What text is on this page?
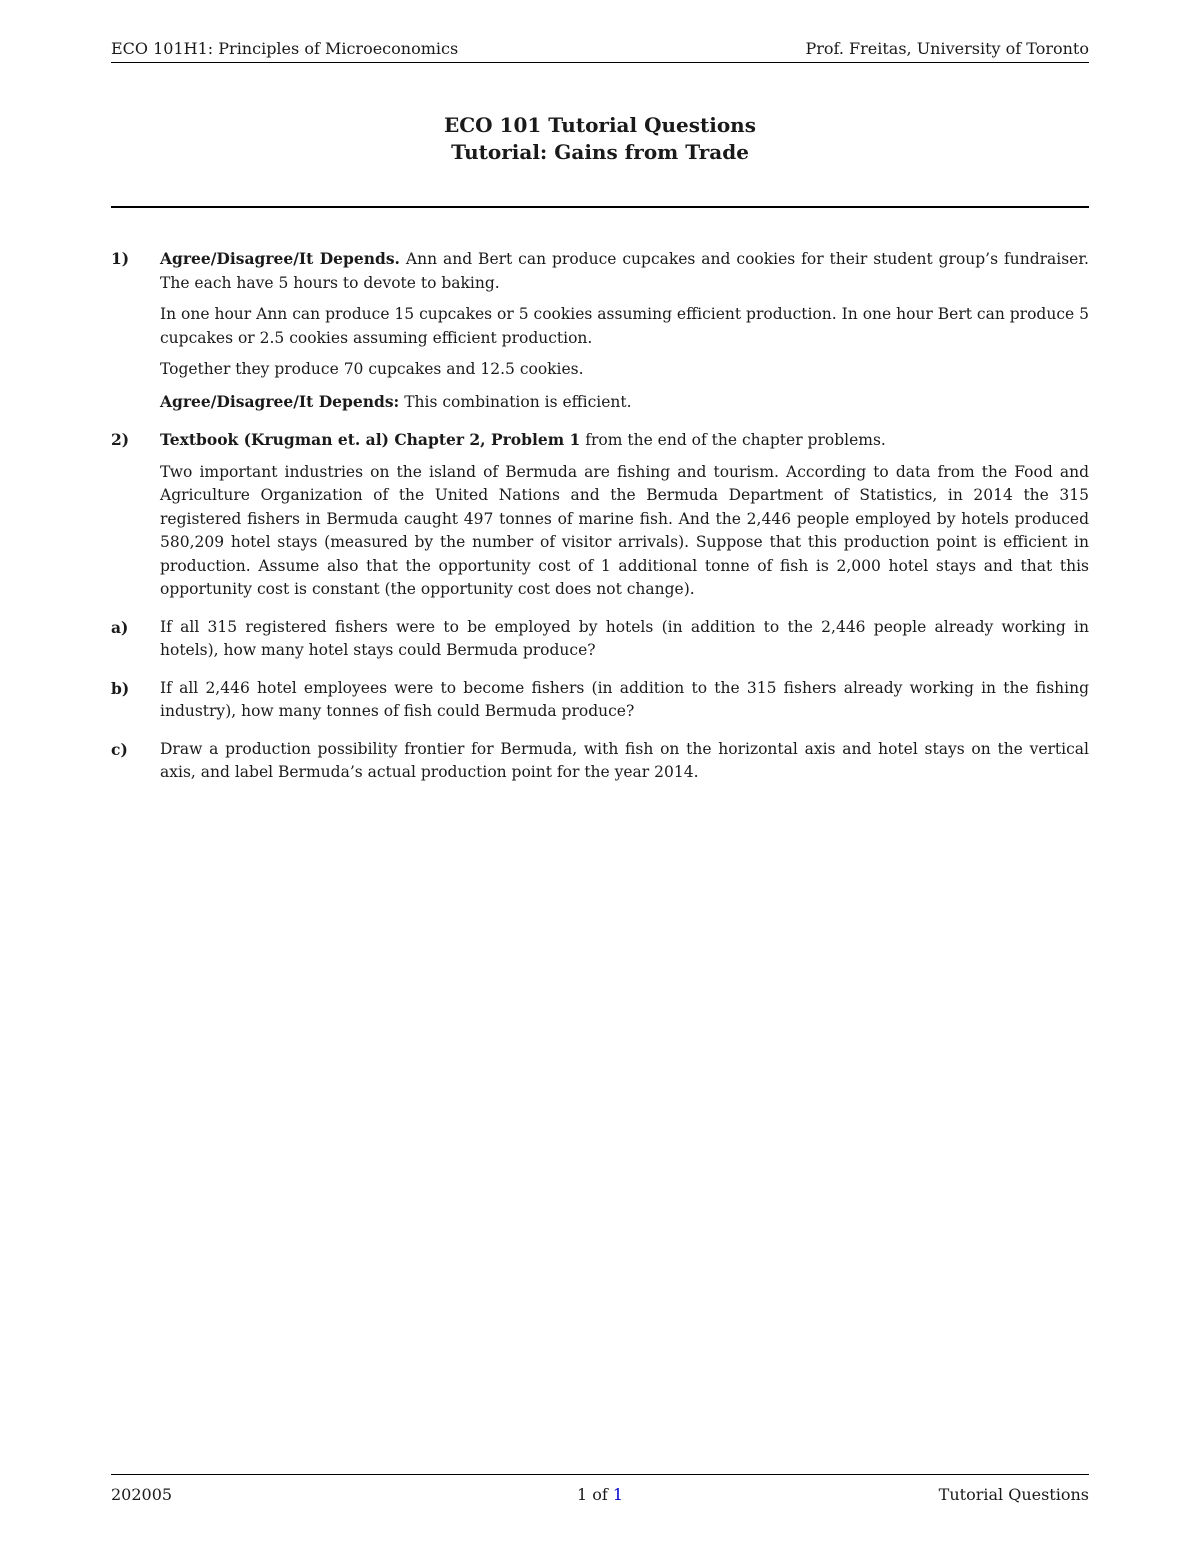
ECO 101H1: Principles of Microeconomics	Prof. Freitas, University of Toronto
ECO 101 Tutorial Questions
Tutorial: Gains from Trade
1) Agree/Disagree/It Depends. Ann and Bert can produce cupcakes and cookies for their student group’s fundraiser. The each have 5 hours to devote to baking.

In one hour Ann can produce 15 cupcakes or 5 cookies assuming efficient production. In one hour Bert can produce 5 cupcakes or 2.5 cookies assuming efficient production.

Together they produce 70 cupcakes and 12.5 cookies.

Agree/Disagree/It Depends: This combination is efficient.

2) Textbook (Krugman et. al) Chapter 2, Problem 1 from the end of the chapter problems.

Two important industries on the island of Bermuda are fishing and tourism. According to data from the Food and Agriculture Organization of the United Nations and the Bermuda Department of Statistics, in 2014 the 315 registered fishers in Bermuda caught 497 tonnes of marine fish. And the 2,446 people employed by hotels produced 580,209 hotel stays (measured by the number of visitor arrivals). Suppose that this production point is efficient in production. Assume also that the opportunity cost of 1 additional tonne of fish is 2,000 hotel stays and that this opportunity cost is constant (the opportunity cost does not change).

a) If all 315 registered fishers were to be employed by hotels (in addition to the 2,446 people already working in hotels), how many hotel stays could Bermuda produce?

b) If all 2,446 hotel employees were to become fishers (in addition to the 315 fishers already working in the fishing industry), how many tonnes of fish could Bermuda produce?

c) Draw a production possibility frontier for Bermuda, with fish on the horizontal axis and hotel stays on the vertical axis, and label Bermuda’s actual production point for the year 2014.

202005	1 of 1	Tutorial Questions
